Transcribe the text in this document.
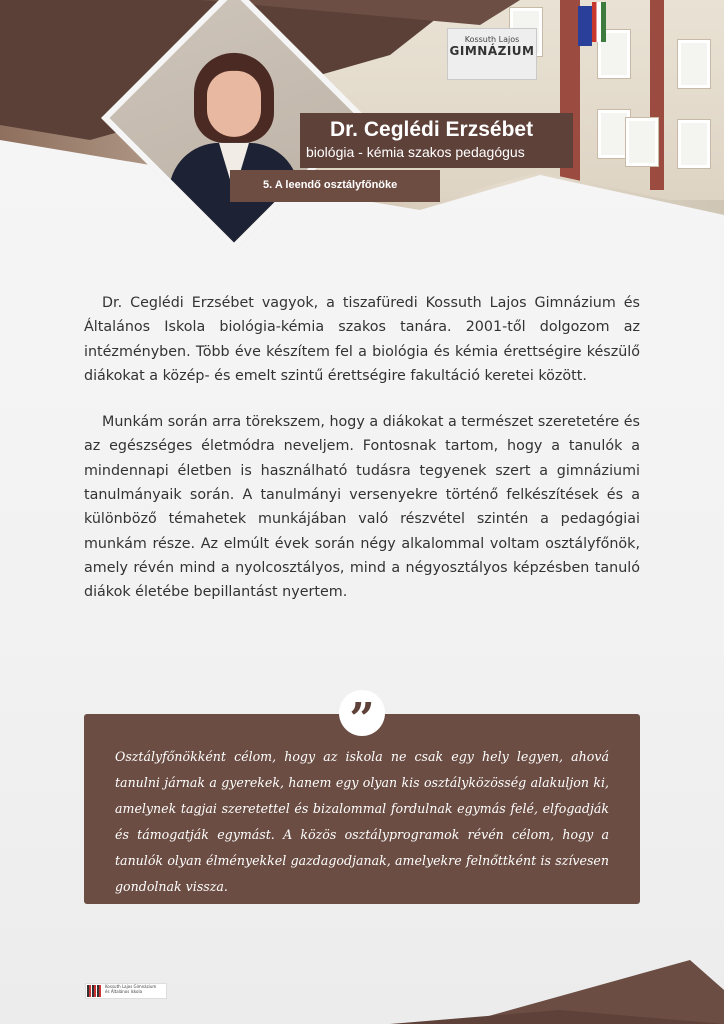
Kossuth Lajos
GIMNÁZIUM
Dr. Ceglédi Erzsébet
biológia - kémia szakos pedagógus
5. A leendő osztályfőnöke

Dr. Ceglédi Erzsébet vagyok, a tiszafüredi Kossuth Lajos Gimnázium és Általános Iskola biológia-kémia szakos tanára. 2001-től dolgozom az intézményben. Több éve készítem fel a biológia és kémia érettségire készülő diákokat a közép- és emelt szintű érettségire fakultáció keretei között.

Munkám során arra törekszem, hogy a diákokat a természet szeretetére és az egészséges életmódra neveljem. Fontosnak tartom, hogy a tanulók a mindennapi életben is használható tudásra tegyenek szert a gimnáziumi tanulmányaik során. A tanulmányi versenyekre történő felkészítések és a különböző témahetek munkájában való részvétel szintén a pedagógiai munkám része. Az elmúlt évek során négy alkalommal voltam osztályfőnök, amely révén mind a nyolcosztályos, mind a négyosztályos képzésben tanuló diákok életébe bepillantást nyertem.

”
Osztályfőnökként célom, hogy az iskola ne csak egy hely legyen, ahová tanulni járnak a gyerekek, hanem egy olyan kis osztályközösség alakuljon ki, amelynek tagjai szeretettel és bizalommal fordulnak egymás felé, elfogadják és támogatják egymást. A közös osztályprogramok révén célom, hogy a tanulók olyan élményekkel gazdagodjanak, amelyekre felnőttként is szívesen gondolnak vissza.
Kossuth Lajos Gimnázium
és Általános Iskola
